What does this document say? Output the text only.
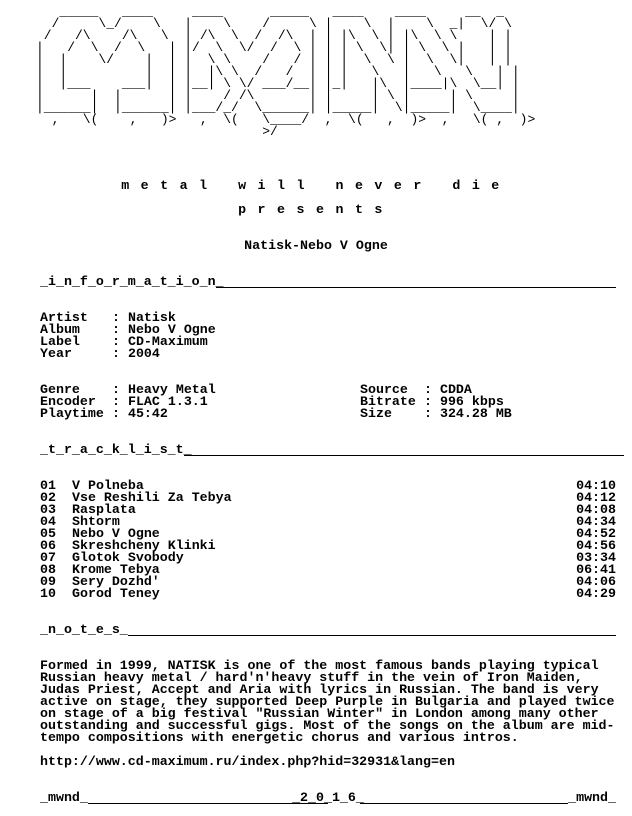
_____   ____     ____      _____   ____    ____     __  _
/     \_/    \   |    \    /     \ |    \  |    \  _|  \/ \
/   /\    /\   \  | /\  \  /  /\  | | |\  \ | |\  \ \    | |
|   /  \  /  \   | |/  \  \/  /  \ | | | \  \| | \  \ |   | |
|  |    \/    |  | |  \ \    /   / | | |  \  \ |  \  \|   | |
|  |          |  | |  |\ \  /   /  | | |   \   |   \   \   | |
|  |___    ___|  | |__| \ \/ ___/__| |_|   |\  |____|\  \__| |
|      |  |      | |    / /\       | |     | \ |     | \     |
|______|  |______| |___/_/  \______| |_____|  \|_____|  \____|
,   \(    ,   )>   ,  \(   \____/  ,  \(   ,  )>  ,   \( ,  )>
>/

metal will never die
presents
Natisk-Nebo V Ogne
_i_n_f_o_r_m_a_t_i_o_n_
Artist : Natisk
Album : Nebo V Ogne
Label : CD-Maximum
Year	: 2004
Genre : Heavy Metal
Encoder : FLAC 1.3.1
Playtime : 45:42
Source : CDDA
Bitrate : 996 kbps
Size : 324.28 MB
_t_r_a_c_k_l_i_s_t_
01 V Polneba	04:10
02 Vse Reshili Za Tebya	04:12
03 Rasplata	04:08
04 Shtorm	04:34
05 Nebo V Ogne	04:52
06 Skreshcheny Klinki	04:56
07 Glotok Svobody	03:34
08 Krome Tebya	06:41
09 Sery Dozhd'	04:06
10 Gorod Teney	04:29
_n_o_t_e_s_
Formed in 1999, NATISK is one of the most famous bands playing typical Russian heavy metal / hard'n'heavy stuff in the vein of Iron Maiden, Judas Priest, Accept and Aria with lyrics in Russian. The band is very active on stage, they supported Deep Purple in Bulgaria and played twice on stage of a big festival "Russian Winter" in London among many other outstanding and successful gigs. Most of the songs on the album are mid-tempo compositions with energetic chorus and various intros.
http://www.cd-maximum.ru/index.php?hid=32931&lang=en
_mwnd_	_2_0_1_6_	_mwnd_
